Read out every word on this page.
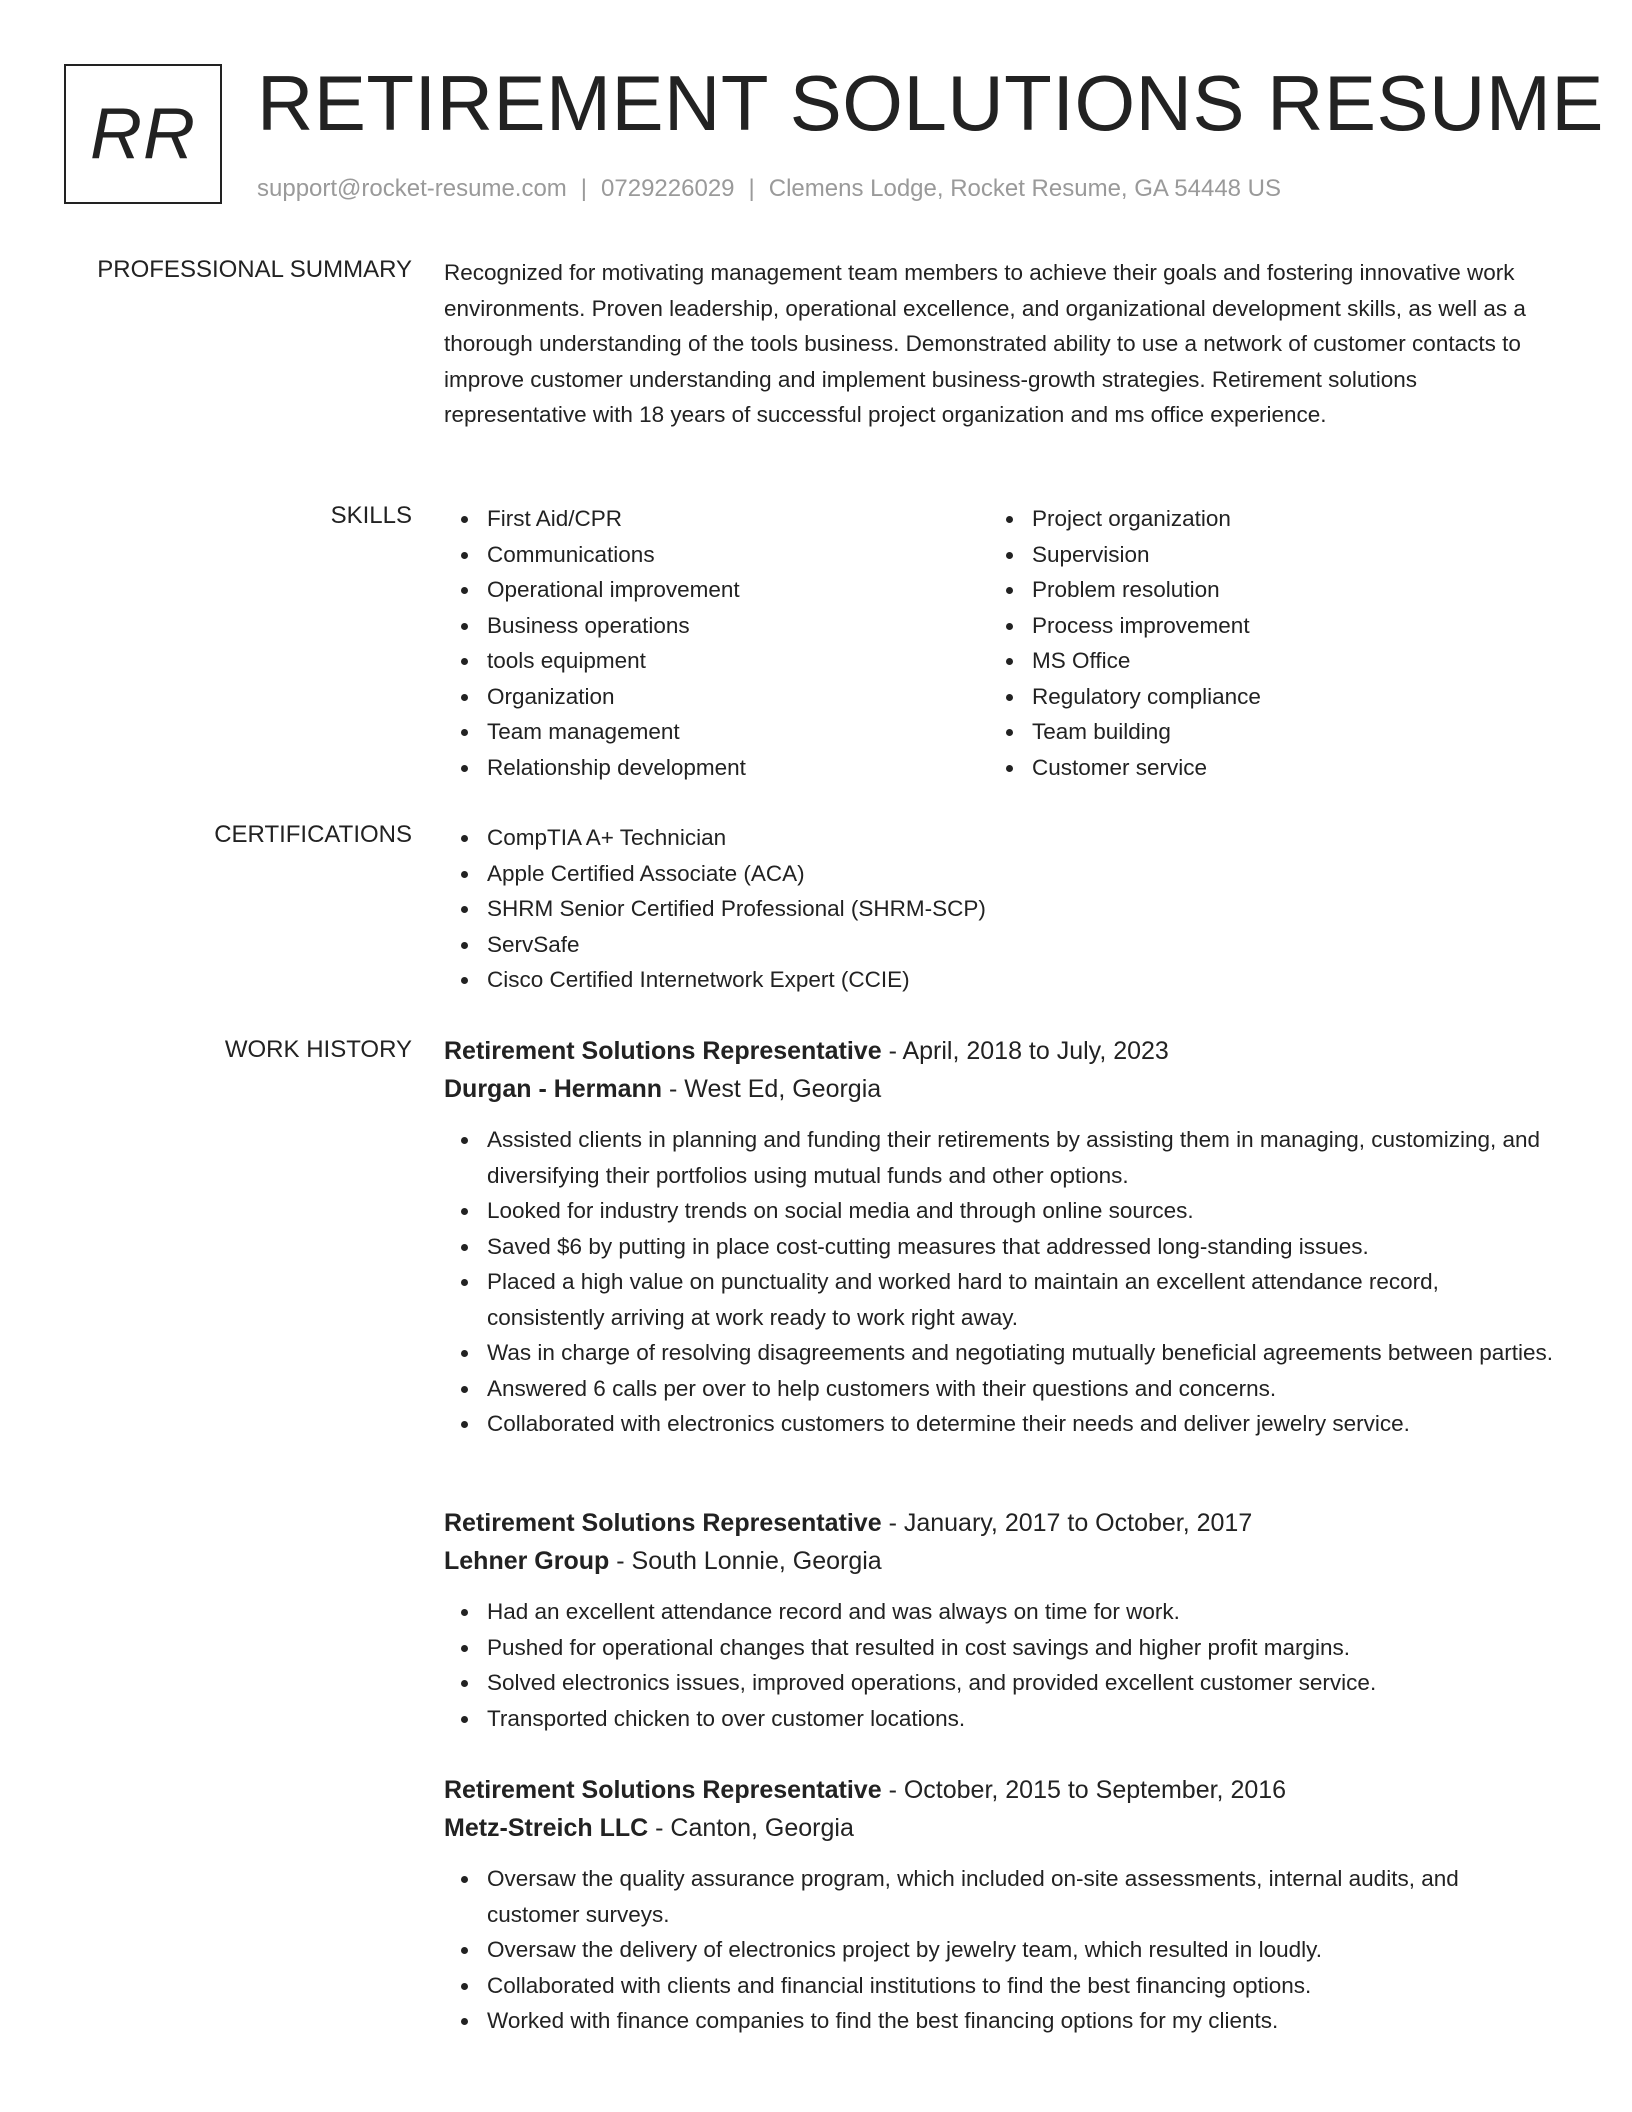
RR RETIREMENT SOLUTIONS RESUME
support@rocket-resume.com | 0729226029 | Clemens Lodge, Rocket Resume, GA 54448 US
PROFESSIONAL SUMMARY Recognized for motivating management team members to achieve their goals and fostering innovative work environments. Proven leadership, operational excellence, and organizational development skills, as well as a thorough understanding of the tools business. Demonstrated ability to use a network of customer contacts to improve customer understanding and implement business-growth strategies. Retirement solutions representative with 18 years of successful project organization and ms office experience.

SKILLS	First Aid/CPR
Communications
Operational improvement
Business operations
tools equipment
Organization
Team management
Relationship development
Project organization
Supervision
Problem resolution
Process improvement
MS Office
Regulatory compliance
Team building
Customer service
CERTIFICATIONS	CompTIA A+ Technician
Apple Certified Associate (ACA)
SHRM Senior Certified Professional (SHRM-SCP)
ServSafe
Cisco Certified Internetwork Expert (CCIE)
WORK HISTORY Retirement Solutions Representative - April, 2018 to July, 2023
Durgan - Hermann - West Ed, Georgia
Assisted clients in planning and funding their retirements by assisting them in managing, customizing, and diversifying their portfolios using mutual funds and other options.
Looked for industry trends on social media and through online sources.
Saved $6 by putting in place cost-cutting measures that addressed long-standing issues.
Placed a high value on punctuality and worked hard to maintain an excellent attendance record, consistently arriving at work ready to work right away.
Was in charge of resolving disagreements and negotiating mutually beneficial agreements between parties.
Answered 6 calls per over to help customers with their questions and concerns.
Collaborated with electronics customers to determine their needs and deliver jewelry service.
Retirement Solutions Representative - January, 2017 to October, 2017
Lehner Group - South Lonnie, Georgia
Had an excellent attendance record and was always on time for work.
Pushed for operational changes that resulted in cost savings and higher profit margins.
Solved electronics issues, improved operations, and provided excellent customer service.
Transported chicken to over customer locations.
Retirement Solutions Representative - October, 2015 to September, 2016
Metz-Streich LLC - Canton, Georgia
Oversaw the quality assurance program, which included on-site assessments, internal audits, and customer surveys.
Oversaw the delivery of electronics project by jewelry team, which resulted in loudly.
Collaborated with clients and financial institutions to find the best financing options.
Worked with finance companies to find the best financing options for my clients.
